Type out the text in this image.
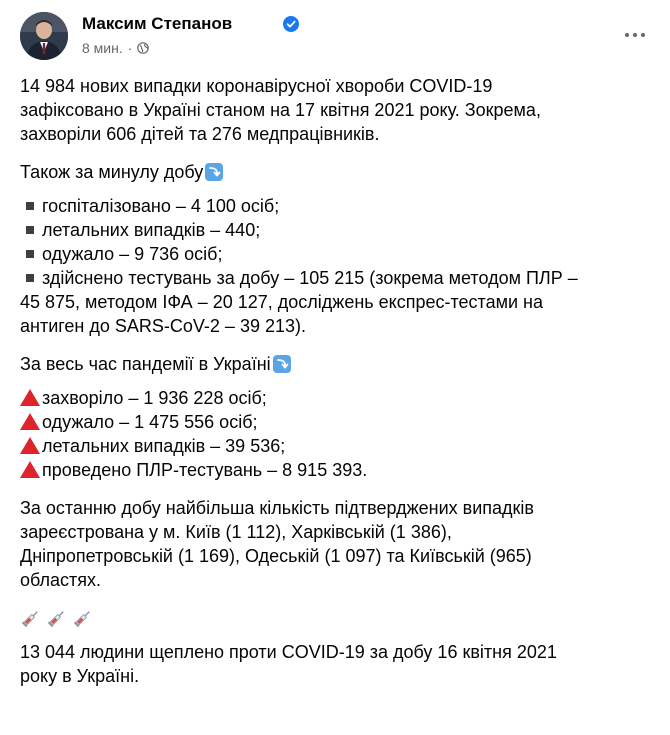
Максим Степанов
8 мин. ·

14 984 нових випадки коронавірусної хвороби COVID-19

зафіксовано в Україні станом на 17 квітня 2021 року. Зокрема,

захворіли 606 дітей та 276 медпрацівників.

Також за минулу добу

госпіталізовано – 4 100 осіб;

летальних випадків – 440;

одужало – 9 736 осіб;

здійснено тестувань за добу – 105 215 (зокрема методом ПЛР –

45 875, методом ІФА – 20 127, досліджень експрес-тестами на

антиген до SARS-CoV-2 – 39 213).

За весь час пандемії в Україні

захворіло – 1 936 228 осіб;

одужало – 1 475 556 осіб;

летальних випадків – 39 536;

проведено ПЛР-тестувань – 8 915 393.

За останню добу найбільша кількість підтверджених випадків

зареєстрована у м. Київ (1 112), Харківській (1 386),

Дніпропетровській (1 169), Одеській (1 097) та Київській (965)

областях.

13 044 людини щеплено проти COVID-19 за добу 16 квітня 2021

року в Україні.
